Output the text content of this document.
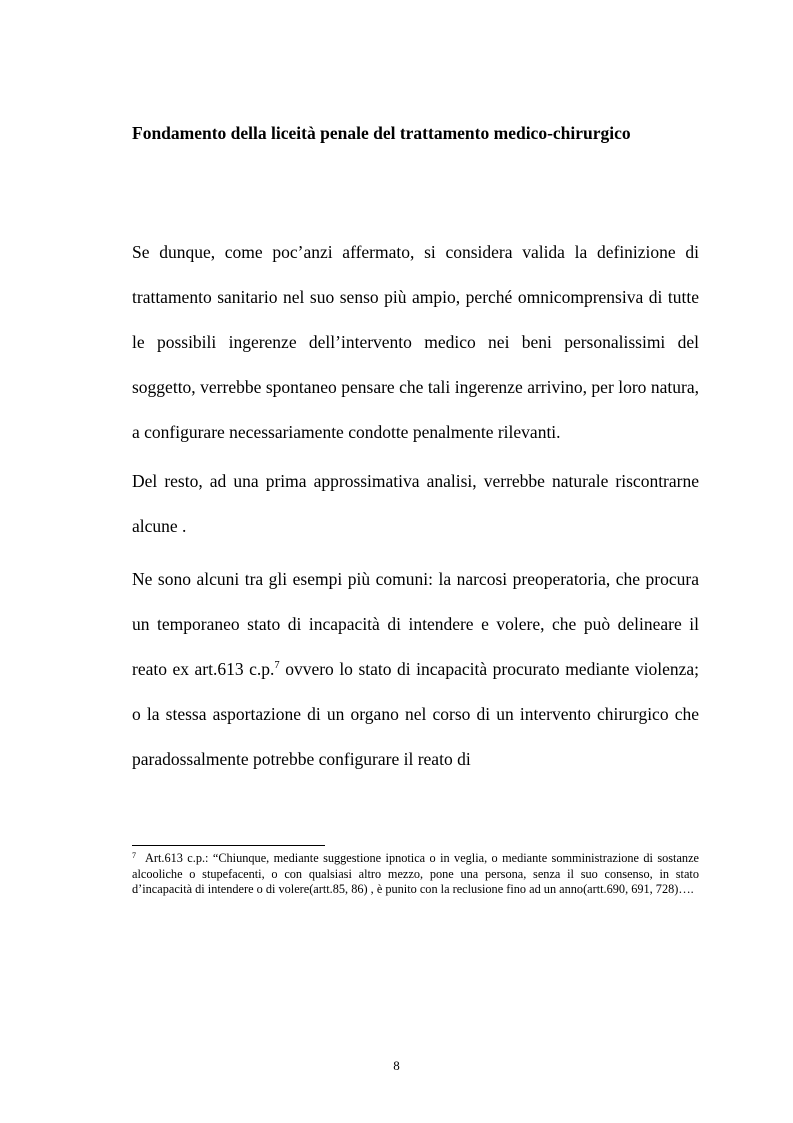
Fondamento della liceità penale del trattamento medico-chirurgico

Se dunque, come poc’anzi affermato, si considera valida la definizione di trattamento sanitario nel suo senso più ampio, perché omnicomprensiva di tutte le possibili ingerenze dell’intervento medico nei beni personalissimi del soggetto, verrebbe spontaneo pensare che tali ingerenze arrivino, per loro natura, a configurare necessariamente condotte penalmente rilevanti.

Del resto, ad una prima approssimativa analisi, verrebbe naturale riscontrarne alcune .

Ne sono alcuni tra gli esempi più comuni: la narcosi preoperatoria, che procura un temporaneo stato di incapacità di intendere e volere, che può delineare il reato ex art.613 c.p.$^7$ ovvero lo stato di incapacità procurato mediante violenza; o la stessa asportazione di un organo nel corso di un intervento chirurgico che paradossalmente potrebbe configurare il reato di

$^7$ Art.613 c.p.: “Chiunque, mediante suggestione ipnotica o in veglia, o mediante somministrazione di sostanze alcooliche o stupefacenti, o con qualsiasi altro mezzo, pone una persona, senza il suo consenso, in stato d’incapacità di intendere o di volere(artt.85, 86) , è punito con la reclusione fino ad un anno(artt.690, 691, 728)….

8
